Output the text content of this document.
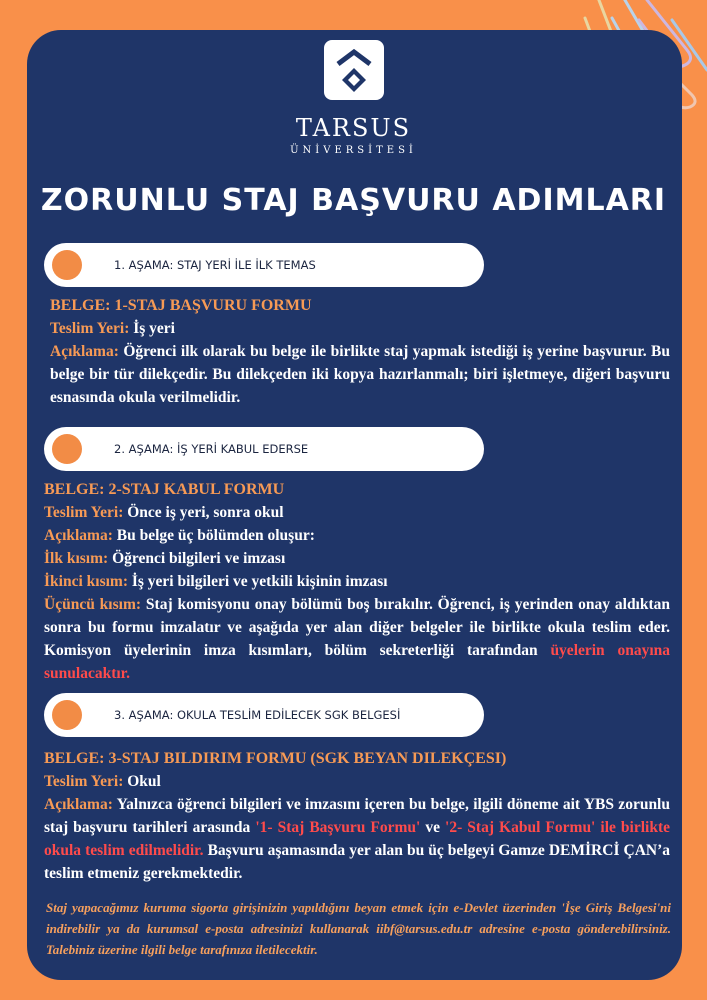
TARSUS
ÜNİVERSİTESİ
ZORUNLU STAJ BAŞVURU ADIMLARI
1. AŞAMA: STAJ YERİ İLE İLK TEMAS

BELGE: 1-STAJ BAŞVURU FORMU

Teslim Yeri: İş yeri

Açıklama: Öğrenci ilk olarak bu belge ile birlikte staj yapmak istediği iş yerine başvurur. Bu belge bir tür dilekçedir. Bu dilekçeden iki kopya hazırlanmalı; biri işletmeye, diğeri başvuru esnasında okula verilmelidir.

2. AŞAMA: İŞ YERİ KABUL EDERSE

BELGE: 2-STAJ KABUL FORMU

Teslim Yeri: Önce iş yeri, sonra okul

Açıklama: Bu belge üç bölümden oluşur:

İlk kısım: Öğrenci bilgileri ve imzası

İkinci kısım: İş yeri bilgileri ve yetkili kişinin imzası

Üçüncü kısım: Staj komisyonu onay bölümü boş bırakılır. Öğrenci, iş yerinden onay aldıktan sonra bu formu imzalatır ve aşağıda yer alan diğer belgeler ile birlikte okula teslim eder. Komisyon üyelerinin imza kısımları, bölüm sekreterliği tarafından üyelerin onayına sunulacaktır.

3. AŞAMA: OKULA TESLİM EDİLECEK SGK BELGESİ

BELGE: 3-STAJ BILDIRIM FORMU (SGK BEYAN DILEKÇESI)

Teslim Yeri: Okul

Açıklama: Yalnızca öğrenci bilgileri ve imzasını içeren bu belge, ilgili döneme ait YBS zorunlu staj başvuru tarihleri arasında '1- Staj Başvuru Formu' ve '2- Staj Kabul Formu' ile birlikte okula teslim edilmelidir. Başvuru aşamasında yer alan bu üç belgeyi Gamze DEMİRCİ ÇAN’a teslim etmeniz gerekmektedir.

Staj yapacağımız kuruma sigorta girişinizin yapıldığını beyan etmek için e-Devlet üzerinden 'İşe Giriş Belgesi'ni indirebilir ya da kurumsal e-posta adresinizi kullanarak iibf@tarsus.edu.tr adresine e-posta gönderebilirsiniz. Talebiniz üzerine ilgili belge tarafınıza iletilecektir.
